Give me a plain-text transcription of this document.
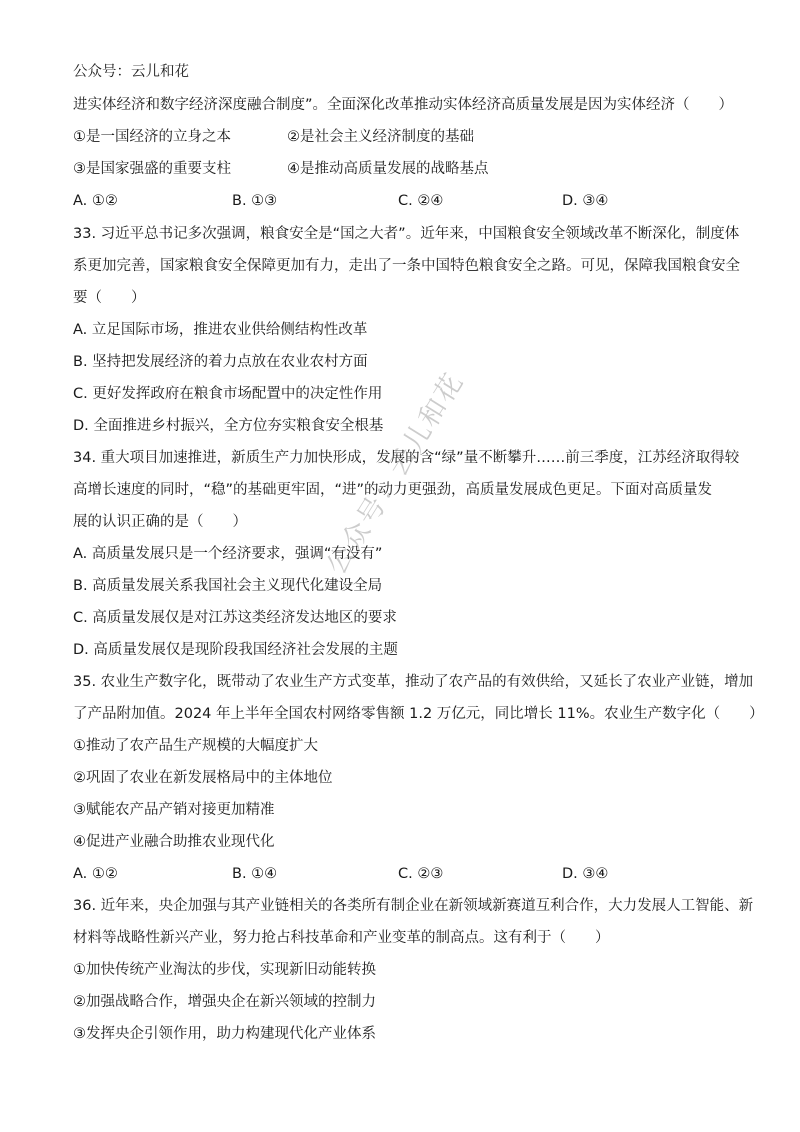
公众号：云儿和花
进实体经济和数字经济深度融合制度”。全面深化改革推动实体经济高质量发展是因为实体经济（　　）
①是一国经济的立身之本	②是社会主义经济制度的基础
③是国家强盛的重要支柱	④是推动高质量发展的战略基点
A. ①②	B. ①③	C. ②④	D. ③④
33. 习近平总书记多次强调，粮食安全是“国之大者”。近年来，中国粮食安全领域改革不断深化，制度体
系更加完善，国家粮食安全保障更加有力，走出了一条中国特色粮食安全之路。可见，保障我国粮食安全
要（　　）
A. 立足国际市场，推进农业供给侧结构性改革
B. 坚持把发展经济的着力点放在农业农村方面
C. 更好发挥政府在粮食市场配置中的决定性作用
D. 全面推进乡村振兴，全方位夯实粮食安全根基
34. 重大项目加速推进，新质生产力加快形成，发展的含“绿”量不断攀升……前三季度，江苏经济取得较
高增长速度的同时，“稳”的基础更牢固，“进”的动力更强劲，高质量发展成色更足。下面对高质量发
展的认识正确的是（　　）
A. 高质量发展只是一个经济要求，强调“有没有”
B. 高质量发展关系我国社会主义现代化建设全局
C. 高质量发展仅是对江苏这类经济发达地区的要求
D. 高质量发展仅是现阶段我国经济社会发展的主题
35. 农业生产数字化，既带动了农业生产方式变革，推动了农产品的有效供给，又延长了农业产业链，增加
了产品附加值。2024 年上半年全国农村网络零售额 1.2 万亿元，同比增长 11%。农业生产数字化（　　）
①推动了农产品生产规模的大幅度扩大
②巩固了农业在新发展格局中的主体地位
③赋能农产品产销对接更加精准
④促进产业融合助推农业现代化
A. ①②	B. ①④	C. ②③	D. ③④
36. 近年来，央企加强与其产业链相关的各类所有制企业在新领域新赛道互利合作，大力发展人工智能、新
材料等战略性新兴产业，努力抢占科技革命和产业变革的制高点。这有利于（　　）
①加快传统产业淘汰的步伐，实现新旧动能转换
②加强战略合作，增强央企在新兴领域的控制力
③发挥央企引领作用，助力构建现代化产业体系
公众号：云儿和花
